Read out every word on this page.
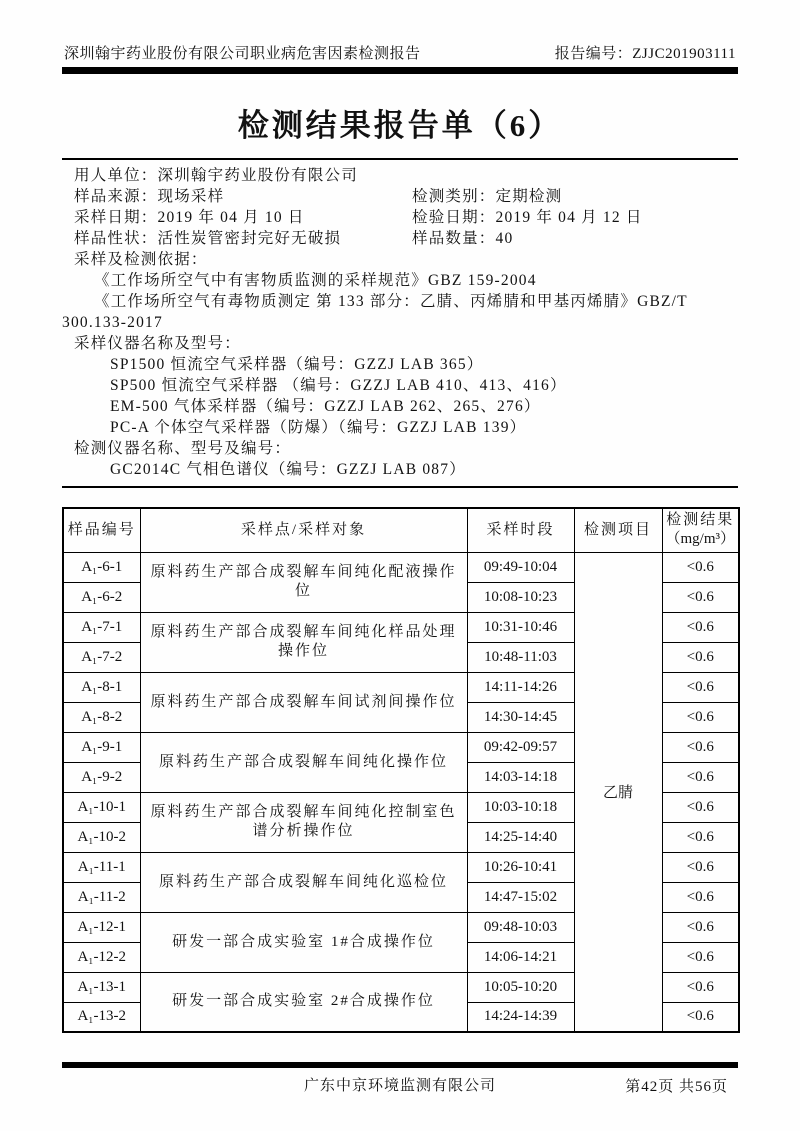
深圳翰宇药业股份有限公司职业病危害因素检测报告	报告编号：ZJJC201903111
检测结果报告单（6）
用人单位：深圳翰宇药业股份有限公司
样品来源：现场采样	检测类别：定期检测
采样日期：2019 年 04 月 10 日	检验日期：2019 年 04 月 12 日
样品性状：活性炭管密封完好无破损	样品数量：40
采样及检测依据：
《工作场所空气中有害物质监测的采样规范》GBZ 159-2004
《工作场所空气有毒物质测定 第 133 部分：乙腈、丙烯腈和甲基丙烯腈》GBZ/T 300.133-2017
采样仪器名称及型号：
SP1500 恒流空气采样器（编号：GZZJ LAB 365）
SP500 恒流空气采样器 （编号：GZZJ LAB 410、413、416）
EM-500 气体采样器（编号：GZZJ LAB 262、265、276）
PC-A 个体空气采样器（防爆）（编号：GZZJ LAB 139）
检测仪器名称、型号及编号：
GC2014C 气相色谱仪（编号：GZZJ LAB 087）
样品编号	采样点/采样对象	采样时段	检测项目	检测结果
（mg/m³）

A₁-6-1	原料药生产部合成裂解车间纯化配液操作位	09:49-10:04	乙腈	<0.6
A₁-6-2		10:08-10:23		<0.6
A₁-7-1	原料药生产部合成裂解车间纯化样品处理操作位	10:31-10:46		<0.6
A₁-7-2		10:48-11:03		<0.6
A₁-8-1	原料药生产部合成裂解车间试剂间操作位	14:11-14:26		<0.6
A₁-8-2		14:30-14:45		<0.6
A₁-9-1	原料药生产部合成裂解车间纯化操作位	09:42-09:57		<0.6
A₁-9-2		14:03-14:18		<0.6
A₁-10-1	原料药生产部合成裂解车间纯化控制室色谱分析操作位	10:03-10:18		<0.6
A₁-10-2		14:25-14:40		<0.6
A₁-11-1	原料药生产部合成裂解车间纯化巡检位	10:26-10:41		<0.6
A₁-11-2		14:47-15:02		<0.6
A₁-12-1	研发一部合成实验室 1#合成操作位	09:48-10:03		<0.6
A₁-12-2		14:06-14:21		<0.6
A₁-13-1	研发一部合成实验室 2#合成操作位	10:05-10:20		<0.6
A₁-13-2		14:24-14:39		<0.6
广东中京环境监测有限公司	第42页 共56页
